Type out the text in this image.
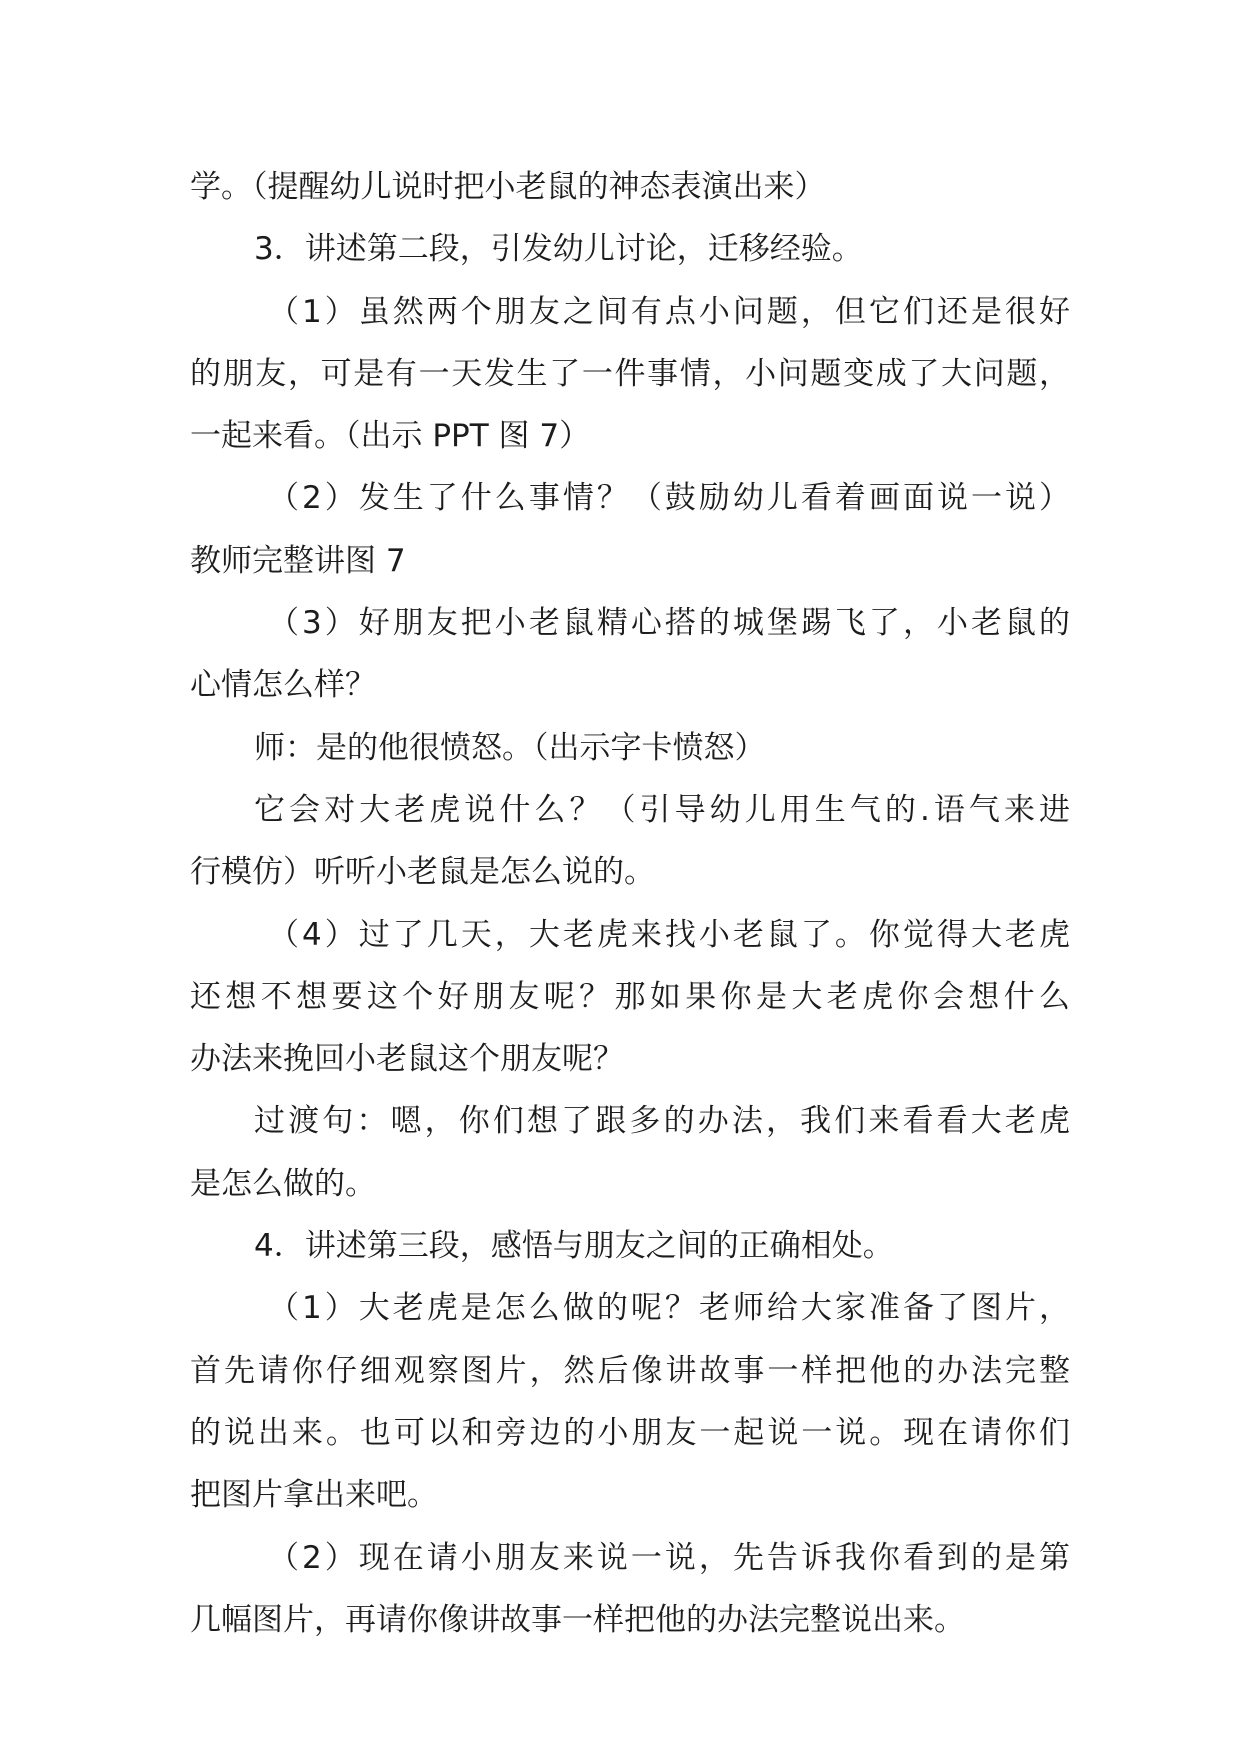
学。（提醒幼儿说时把小老鼠的神态表演出来）
3．讲述第二段，引发幼儿讨论，迁移经验。
（1）虽然两个朋友之间有点小问题，但它们还是很好
的朋友，可是有一天发生了一件事情，小问题变成了大问题，
一起来看。（出示 PPT 图 7）
（2）发生了什么事情？（鼓励幼儿看着画面说一说）
教师完整讲图 7
（3）好朋友把小老鼠精心搭的城堡踢飞了，小老鼠的
心情怎么样？
师：是的他很愤怒。（出示字卡愤怒）
它会对大老虎说什么？（引导幼儿用生气的.语气来进
行模仿）听听小老鼠是怎么说的。
（4）过了几天，大老虎来找小老鼠了。你觉得大老虎
还想不想要这个好朋友呢？那如果你是大老虎你会想什么
办法来挽回小老鼠这个朋友呢？
过渡句：嗯，你们想了跟多的办法，我们来看看大老虎
是怎么做的。
4．讲述第三段，感悟与朋友之间的正确相处。
（1）大老虎是怎么做的呢？老师给大家准备了图片，
首先请你仔细观察图片，然后像讲故事一样把他的办法完整
的说出来。也可以和旁边的小朋友一起说一说。现在请你们
把图片拿出来吧。
（2）现在请小朋友来说一说，先告诉我你看到的是第
几幅图片，再请你像讲故事一样把他的办法完整说出来。
